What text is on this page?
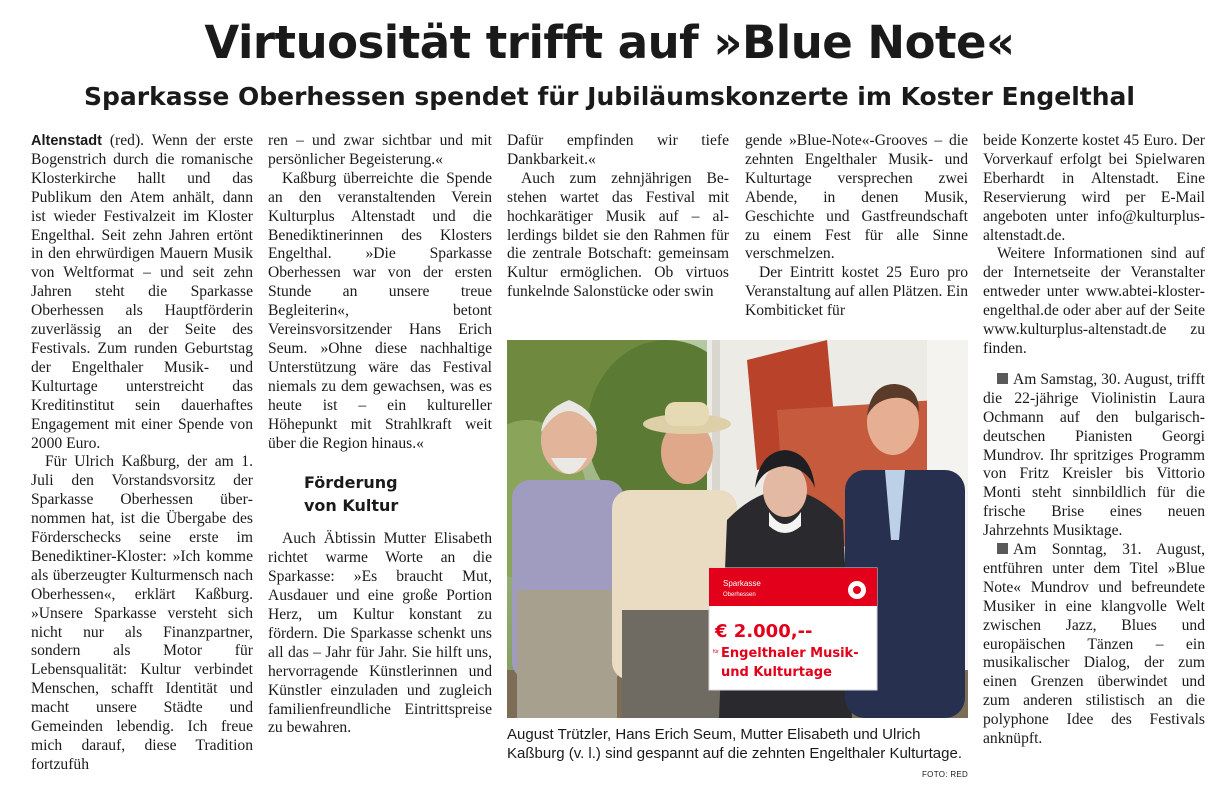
Virtuosität trifft auf »Blue Note«
Sparkasse Oberhessen spendet für Jubiläumskonzerte im Koster Engelthal

Altenstadt (red). Wenn der erste Bogenstrich durch die romanische Klosterkirche hallt und das Publikum den Atem anhält, dann ist wieder Festivalzeit im Kloster Engelthal. Seit zehn Jahren ertönt in den ehrwürdigen Mauern Musik von Weltformat – und seit zehn Jahren steht die Sparkasse Oberhessen als Hauptförderin zuverlässig an der Seite des Festivals. Zum runden Geburtstag der Engelthaler Musik- und Kulturtage unterstreicht das Kreditinstitut sein dauerhaftes Engagement mit einer Spende von 2000 Euro.

Für Ulrich Kaßburg, der am 1. Juli den Vorstandsvorsitz der Sparkasse Oberhessen übernommen hat, ist die Übergabe des Förderschecks seine erste im Benediktiner-Kloster: »Ich komme als überzeugter Kulturmensch nach Oberhessen«, erklärt Kaßburg. »Unsere Sparkasse versteht sich nicht nur als Finanzpartner, sondern als Motor für Lebensqualität: Kultur verbindet Menschen, schafft Identität und macht unsere Städte und Gemeinden lebendig. Ich freue mich darauf, diese Tradition fortzufüh

ren – und zwar sichtbar und mit persönlicher Begeisterung.«

Kaßburg überreichte die Spende an den veranstaltenden Verein Kulturplus Altenstadt und die Benediktinerinnen des Klosters Engelthal. »Die Sparkasse Oberhessen war von der ersten Stunde an unsere treue Begleiterin«, betont Vereinsvorsitzender Hans Erich Seum. »Ohne diese nachhaltige Unterstützung wäre das Festival niemals zu dem gewachsen, was es heute ist – ein kultureller Höhepunkt mit Strahlkraft weit über die Region hinaus.«

Förderung
von Kultur

Auch Äbtissin Mutter Elisabeth richtet warme Worte an die Sparkasse: »Es braucht Mut, Ausdauer und eine große Portion Herz, um Kultur konstant zu fördern. Die Sparkasse schenkt uns all das – Jahr für Jahr. Sie hilft uns, hervorragende Künstlerinnen und Künstler einzuladen und zugleich familienfreundliche Eintrittspreise zu bewahren.

Dafür empfinden wir tiefe Dankbarkeit.«

Auch zum zehnjährigen Bestehen wartet das Festival mit hochkarätiger Musik auf – allerdings bildet sie den Rahmen für die zentrale Botschaft: gemeinsam Kultur ermöglichen. Ob virtuos funkelnde Salonstücke oder swin

gende »Blue-Note«-Grooves – die zehnten Engelthaler Musik- und Kulturtage versprechen zwei Abende, in denen Musik, Geschichte und Gastfreundschaft zu einem Fest für alle Sinne verschmelzen.

Der Eintritt kostet 25 Euro pro Veranstaltung auf allen Plätzen. Ein Kombiticket für

beide Konzerte kostet 45 Euro. Der Vorverkauf erfolgt bei Spielwaren Eberhardt in Altenstadt. Eine Reservierung wird per E-Mail angeboten unter info@kulturplus-altenstadt.de.

Weitere Informationen sind auf der Internetseite der Veranstalter entweder unter www.abtei-kloster-engelthal.de oder aber auf der Seite www.kulturplus-altenstadt.de zu finden.

Am Samstag, 30. August, trifft die 22-jährige Violinistin Laura Ochmann auf den bulgarisch-deutschen Pianisten Georgi Mundrov. Ihr spritziges Programm von Fritz Kreisler bis Vittorio Monti steht sinnbildlich für die frische Brise eines neuen Jahrzehnts Musiktage.

Am Sonntag, 31. August, entführen unter dem Titel »Blue Note« Mundrov und befreundete Musiker in eine klangvolle Welt zwischen Jazz, Blues und europäischen Tänzen – ein musikalischer Dialog, der zum einen Grenzen überwindet und zum anderen stilistisch an die polyphone Idee des Festivals anknüpft.

Sparkasse
Oberhessen
€ 2.000,--
für Engelthaler Musik-
und Kulturtage

August Trützler, Hans Erich Seum, Mutter Elisabeth und Ulrich Kaßburg (v. l.) sind gespannt auf die zehnten Engelthaler Kulturtage.

FOTO: RED
